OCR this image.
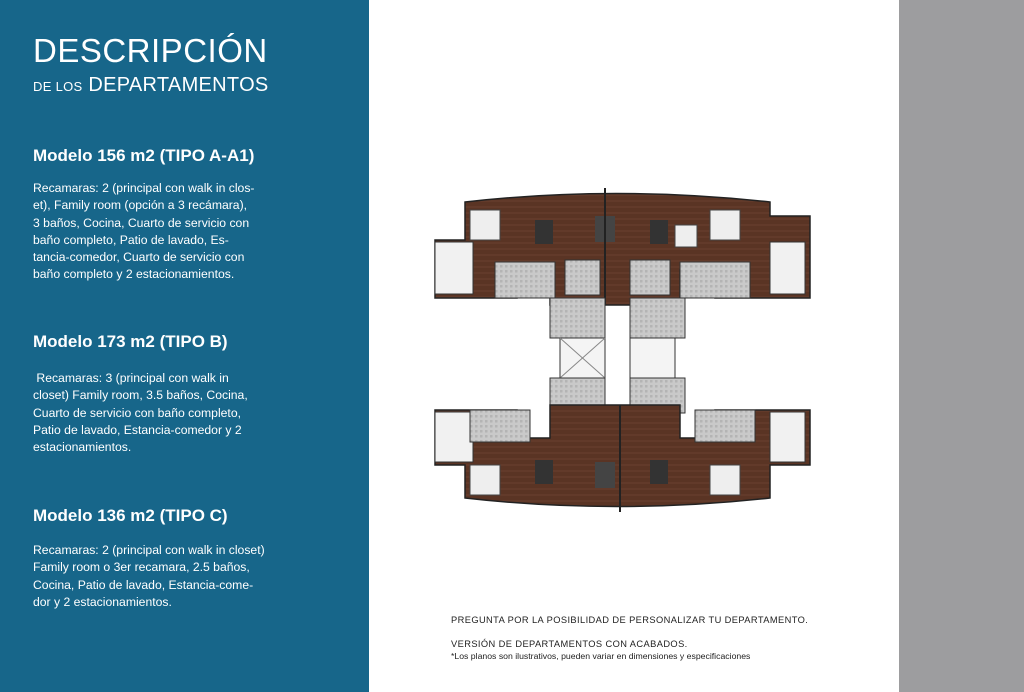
DESCRIPCIÓN
DE LOS DEPARTAMENTOS
Modelo 156 m2 (TIPO A-A1)

Recamaras: 2 (principal con walk in clos-
et), Family room (opción a 3 recámara),
3 baños, Cocina, Cuarto de servicio con
baño completo, Patio de lavado, Es-
tancia-comedor, Cuarto de servicio con
baño completo y 2 estacionamientos.

Modelo 173 m2 (TIPO B)

Recamaras: 3 (principal con walk in
closet) Family room, 3.5 baños, Cocina,
Cuarto de servicio con baño completo,
Patio de lavado, Estancia-comedor y 2
estacionamientos.

Modelo 136 m2 (TIPO C)

Recamaras: 2 (principal con walk in closet)
Family room o 3er recamara, 2.5 baños,
Cocina, Patio de lavado, Estancia-come-
dor y 2 estacionamientos.

PREGUNTA POR LA POSIBILIDAD DE PERSONALIZAR TU DEPARTAMENTO.
VERSIÓN DE DEPARTAMENTOS CON ACABADOS.
*Los planos son ilustrativos, pueden variar en dimensiones y especificaciones
